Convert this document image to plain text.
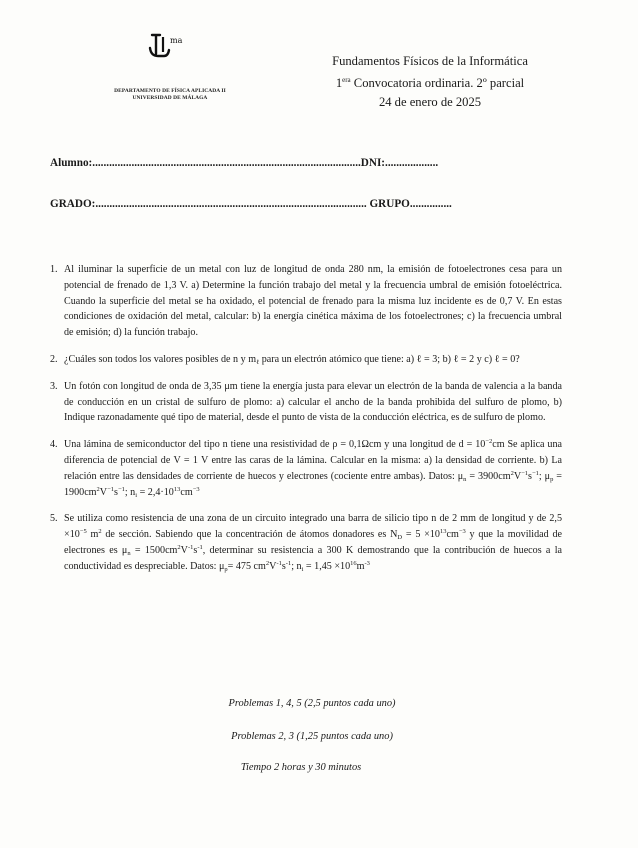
ma
DEPARTAMENTO DE FÍSICA APLICADA II
UNIVERSIDAD DE MÁLAGA
Fundamentos Físicos de la Informática
$1^{era}$ Convocatoria ordinaria. 2º parcial
24 de enero de 2025
Alumno:................................................................................................DNI:...................
GRADO:................................................................................................. GRUPO...............
1. Al iluminar la superficie de un metal con luz de longitud de onda 280 nm, la emisión de fotoelectrones cesa para un potencial de frenado de 1,3 V. a) Determine la función trabajo del metal y la frecuencia umbral de emisión fotoeléctrica. Cuando la superficie del metal se ha oxidado, el potencial de frenado para la misma luz incidente es de 0,7 V. En estas condiciones de oxidación del metal, calcular: b) la energía cinética máxima de los fotoelectrones; c) la frecuencia umbral de emisión; d) la función trabajo.
2. ¿Cuáles son todos los valores posibles de n y $m_\ell$ para un electrón atómico que tiene: a) ℓ = 3; b) ℓ = 2 y c) ℓ = 0?
3. Un fotón con longitud de onda de 3,35 μm tiene la energía justa para elevar un electrón de la banda de valencia a la banda de conducción en un cristal de sulfuro de plomo: a) calcular el ancho de la banda prohibida del sulfuro de plomo, b) Indique razonadamente qué tipo de material, desde el punto de vista de la conducción eléctrica, es de sulfuro de plomo.
4. Una lámina de semiconductor del tipo n tiene una resistividad de ρ = 0,1Ωcm y una longitud de $d = 10^{-2}cm$ Se aplica una diferencia de potencial de V = 1 V entre las caras de la lámina. Calcular en la misma: a) la densidad de corriente. b) La relación entre las densidades de corriente de huecos y electrones (cociente entre ambas). Datos: $\mu_n = 3900cm^2V^{-1}s^{-1}$; $\mu_p = 1900cm^2V^{-1}s^{-1}$; $n_i = 2,4\cdot 10^{13}cm^{-3}$
5. Se utiliza como resistencia de una zona de un circuito integrado una barra de silicio tipo n de 2 mm de longitud y de $2,5 \times 10^{-5}$ $m^2$ de sección. Sabiendo que la concentración de átomos donadores es $N_D = 5 \times 10^{13}cm^{-3}$ y que la movilidad de electrones es $\mu_n = 1500cm^2V^{-1}s^{-1}$, determinar su resistencia a 300 K demostrando que la contribución de huecos a la conductividad es despreciable. Datos: $\mu_p= 475$ $cm^2V^{-1}s^{-1}$; $n_i = 1,45 \times 10^{16}m^{-3}$
Problemas 1, 4, 5 (2,5 puntos cada uno)
Problemas 2, 3 (1,25 puntos cada uno)
Tiempo 2 horas y 30 minutos
